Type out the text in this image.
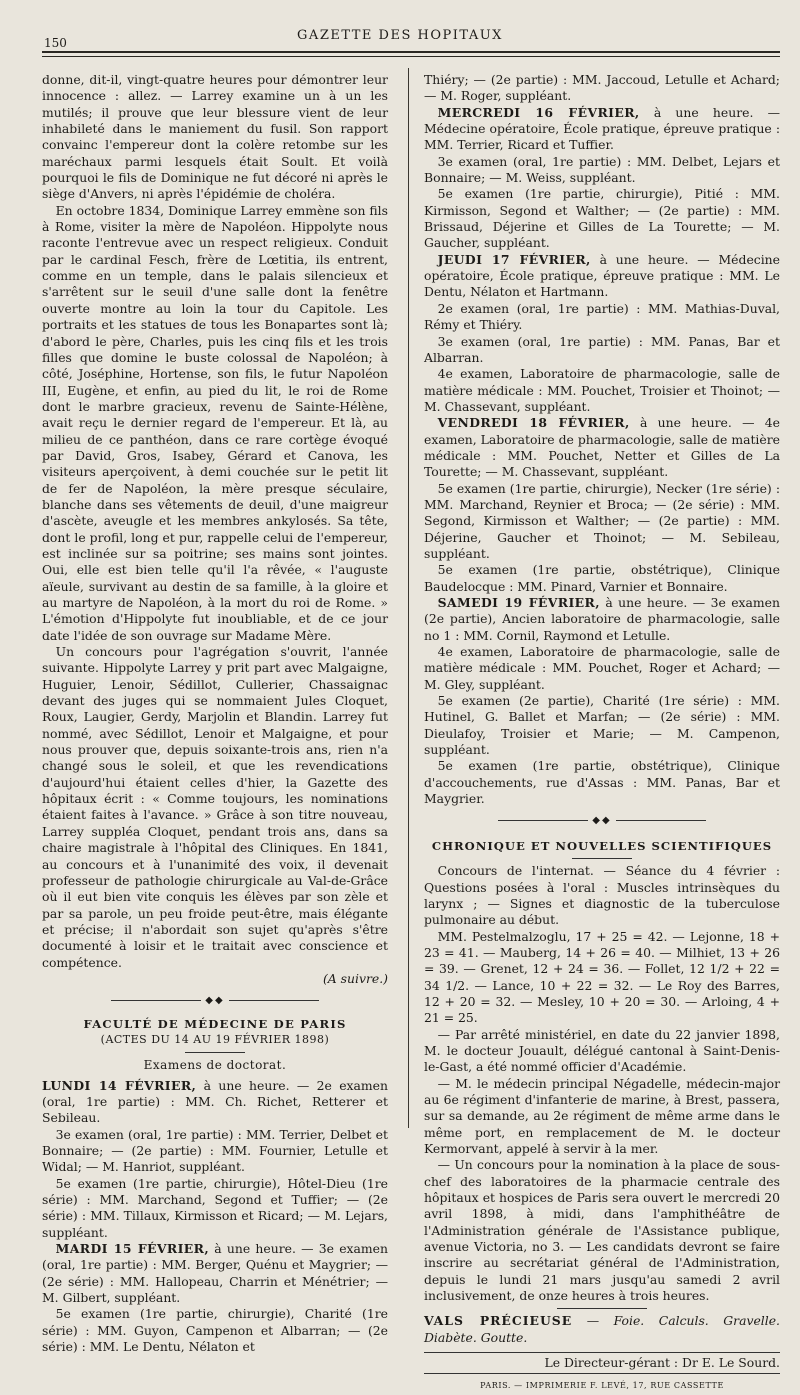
150	GAZETTE DES HOPITAUX

donne, dit-il, vingt-quatre heures pour démontrer leur innocence : allez. — Larrey examine un à un les mutilés; il prouve que leur blessure vient de leur inhabileté dans le maniement du fusil. Son rapport convainc l'empereur dont la colère retombe sur les maréchaux parmi lesquels était Soult. Et voilà pourquoi le fils de Dominique ne fut décoré ni après le siège d'Anvers, ni après l'épidémie de choléra.

En octobre 1834, Dominique Larrey emmène son fils à Rome, visiter la mère de Napoléon. Hippolyte nous raconte l'entrevue avec un respect religieux. Conduit par le cardinal Fesch, frère de Lœtitia, ils entrent, comme en un temple, dans le palais silencieux et s'arrêtent sur le seuil d'une salle dont la fenêtre ouverte montre au loin la tour du Capitole. Les portraits et les statues de tous les Bonapartes sont là; d'abord le père, Charles, puis les cinq fils et les trois filles que domine le buste colossal de Napoléon; à côté, Joséphine, Hortense, son fils, le futur Napoléon III, Eugène, et enfin, au pied du lit, le roi de Rome dont le marbre gracieux, revenu de Sainte-Hélène, avait reçu le dernier regard de l'empereur. Et là, au milieu de ce panthéon, dans ce rare cortège évoqué par David, Gros, Isabey, Gérard et Canova, les visiteurs aperçoivent, à demi couchée sur le petit lit de fer de Napoléon, la mère presque séculaire, blanche dans ses vêtements de deuil, d'une maigreur d'ascète, aveugle et les membres ankylosés. Sa tête, dont le profil, long et pur, rappelle celui de l'empereur, est inclinée sur sa poitrine; ses mains sont jointes. Oui, elle est bien telle qu'il l'a rêvée, « l'auguste aïeule, survivant au destin de sa famille, à la gloire et au martyre de Napoléon, à la mort du roi de Rome. » L'émotion d'Hippolyte fut inoubliable, et de ce jour date l'idée de son ouvrage sur Madame Mère.

Un concours pour l'agrégation s'ouvrit, l'année suivante. Hippolyte Larrey y prit part avec Malgaigne, Huguier, Lenoir, Sédillot, Cullerier, Chassaignac devant des juges qui se nommaient Jules Cloquet, Roux, Laugier, Gerdy, Marjolin et Blandin. Larrey fut nommé, avec Sédillot, Lenoir et Malgaigne, et pour nous prouver que, depuis soixante-trois ans, rien n'a changé sous le soleil, et que les revendications d'aujourd'hui étaient celles d'hier, la Gazette des hôpitaux écrit : « Comme toujours, les nominations étaient faites à l'avance. » Grâce à son titre nouveau, Larrey suppléa Cloquet, pendant trois ans, dans sa chaire magistrale à l'hôpital des Cliniques. En 1841, au concours et à l'unanimité des voix, il devenait professeur de pathologie chirurgicale au Val-de-Grâce où il eut bien vite conquis les élèves par son zèle et par sa parole, un peu froide peut-être, mais élégante et précise; il n'abordait son sujet qu'après s'être documenté à loisir et le traitait avec conscience et compétence.

(A suivre.)

◆◆
FACULTÉ DE MÉDECINE DE PARIS
(ACTES DU 14 AU 19 FÉVRIER 1898)
Examens de doctorat.

LUNDI 14 FÉVRIER, à une heure. — 2e examen (oral, 1re partie) : MM. Ch. Richet, Retterer et Sebileau.

3e examen (oral, 1re partie) : MM. Terrier, Delbet et Bonnaire; — (2e partie) : MM. Fournier, Letulle et Widal; — M. Hanriot, suppléant.

5e examen (1re partie, chirurgie), Hôtel-Dieu (1re série) : MM. Marchand, Segond et Tuffier; — (2e série) : MM. Tillaux, Kirmisson et Ricard; — M. Lejars, suppléant.

MARDI 15 FÉVRIER, à une heure. — 3e examen (oral, 1re partie) : MM. Berger, Quénu et Maygrier; — (2e série) : MM. Hallopeau, Charrin et Ménétrier; — M. Gilbert, suppléant.

5e examen (1re partie, chirurgie), Charité (1re série) : MM. Guyon, Campenon et Albarran; — (2e série) : MM. Le Dentu, Nélaton et

Thiéry; — (2e partie) : MM. Jaccoud, Letulle et Achard; — M. Roger, suppléant.

MERCREDI 16 FÉVRIER, à une heure. — Médecine opératoire, École pratique, épreuve pratique : MM. Terrier, Ricard et Tuffier.

3e examen (oral, 1re partie) : MM. Delbet, Lejars et Bonnaire; — M. Weiss, suppléant.

5e examen (1re partie, chirurgie), Pitié : MM. Kirmisson, Segond et Walther; — (2e partie) : MM. Brissaud, Déjerine et Gilles de La Tourette; — M. Gaucher, suppléant.

JEUDI 17 FÉVRIER, à une heure. — Médecine opératoire, École pratique, épreuve pratique : MM. Le Dentu, Nélaton et Hartmann.

2e examen (oral, 1re partie) : MM. Mathias-Duval, Rémy et Thiéry.

3e examen (oral, 1re partie) : MM. Panas, Bar et Albarran.

4e examen, Laboratoire de pharmacologie, salle de matière médicale : MM. Pouchet, Troisier et Thoinot; — M. Chassevant, suppléant.

VENDREDI 18 FÉVRIER, à une heure. — 4e examen, Laboratoire de pharmacologie, salle de matière médicale : MM. Pouchet, Netter et Gilles de La Tourette; — M. Chassevant, suppléant.

5e examen (1re partie, chirurgie), Necker (1re série) : MM. Marchand, Reynier et Broca; — (2e série) : MM. Segond, Kirmisson et Walther; — (2e partie) : MM. Déjerine, Gaucher et Thoinot; — M. Sebileau, suppléant.

5e examen (1re partie, obstétrique), Clinique Baudelocque : MM. Pinard, Varnier et Bonnaire.

SAMEDI 19 FÉVRIER, à une heure. — 3e examen (2e partie), Ancien laboratoire de pharmacologie, salle no 1 : MM. Cornil, Raymond et Letulle.

4e examen, Laboratoire de pharmacologie, salle de matière médicale : MM. Pouchet, Roger et Achard; — M. Gley, suppléant.

5e examen (2e partie), Charité (1re série) : MM. Hutinel, G. Ballet et Marfan; — (2e série) : MM. Dieulafoy, Troisier et Marie; — M. Campenon, suppléant.

5e examen (1re partie, obstétrique), Clinique d'accouchements, rue d'Assas : MM. Panas, Bar et Maygrier.

◆◆
CHRONIQUE ET NOUVELLES SCIENTIFIQUES

Concours de l'internat. — Séance du 4 février : Questions posées à l'oral : Muscles intrinsèques du larynx ; — Signes et diagnostic de la tuberculose pulmonaire au début.

MM. Pestelmalzoglu, 17 + 25 = 42. — Lejonne, 18 + 23 = 41. — Mauberg, 14 + 26 = 40. — Milhiet, 13 + 26 = 39. — Grenet, 12 + 24 = 36. — Follet, 12 1/2 + 22 = 34 1/2. — Lance, 10 + 22 = 32. — Le Roy des Barres, 12 + 20 = 32. — Mesley, 10 + 20 = 30. — Arloing, 4 + 21 = 25.

— Par arrêté ministériel, en date du 22 janvier 1898, M. le docteur Jouault, délégué cantonal à Saint-Denis-le-Gast, a été nommé officier d'Académie.

— M. le médecin principal Négadelle, médecin-major au 6e régiment d'infanterie de marine, à Brest, passera, sur sa demande, au 2e régiment de même arme dans le même port, en remplacement de M. le docteur Kermorvant, appelé à servir à la mer.

— Un concours pour la nomination à la place de sous-chef des laboratoires de la pharmacie centrale des hôpitaux et hospices de Paris sera ouvert le mercredi 20 avril 1898, à midi, dans l'amphithéâtre de l'Administration générale de l'Assistance publique, avenue Victoria, no 3. — Les candidats devront se faire inscrire au secrétariat général de l'Administration, depuis le lundi 21 mars jusqu'au samedi 2 avril inclusivement, de onze heures à trois heures.

VALS PRÉCIEUSE — Foie. Calculs. Gravelle. Diabète. Goutte.

Le Directeur-gérant : Dr E. Le Sourd.

PARIS. — IMPRIMERIE F. LEVÉ, 17, RUE CASSETTE
